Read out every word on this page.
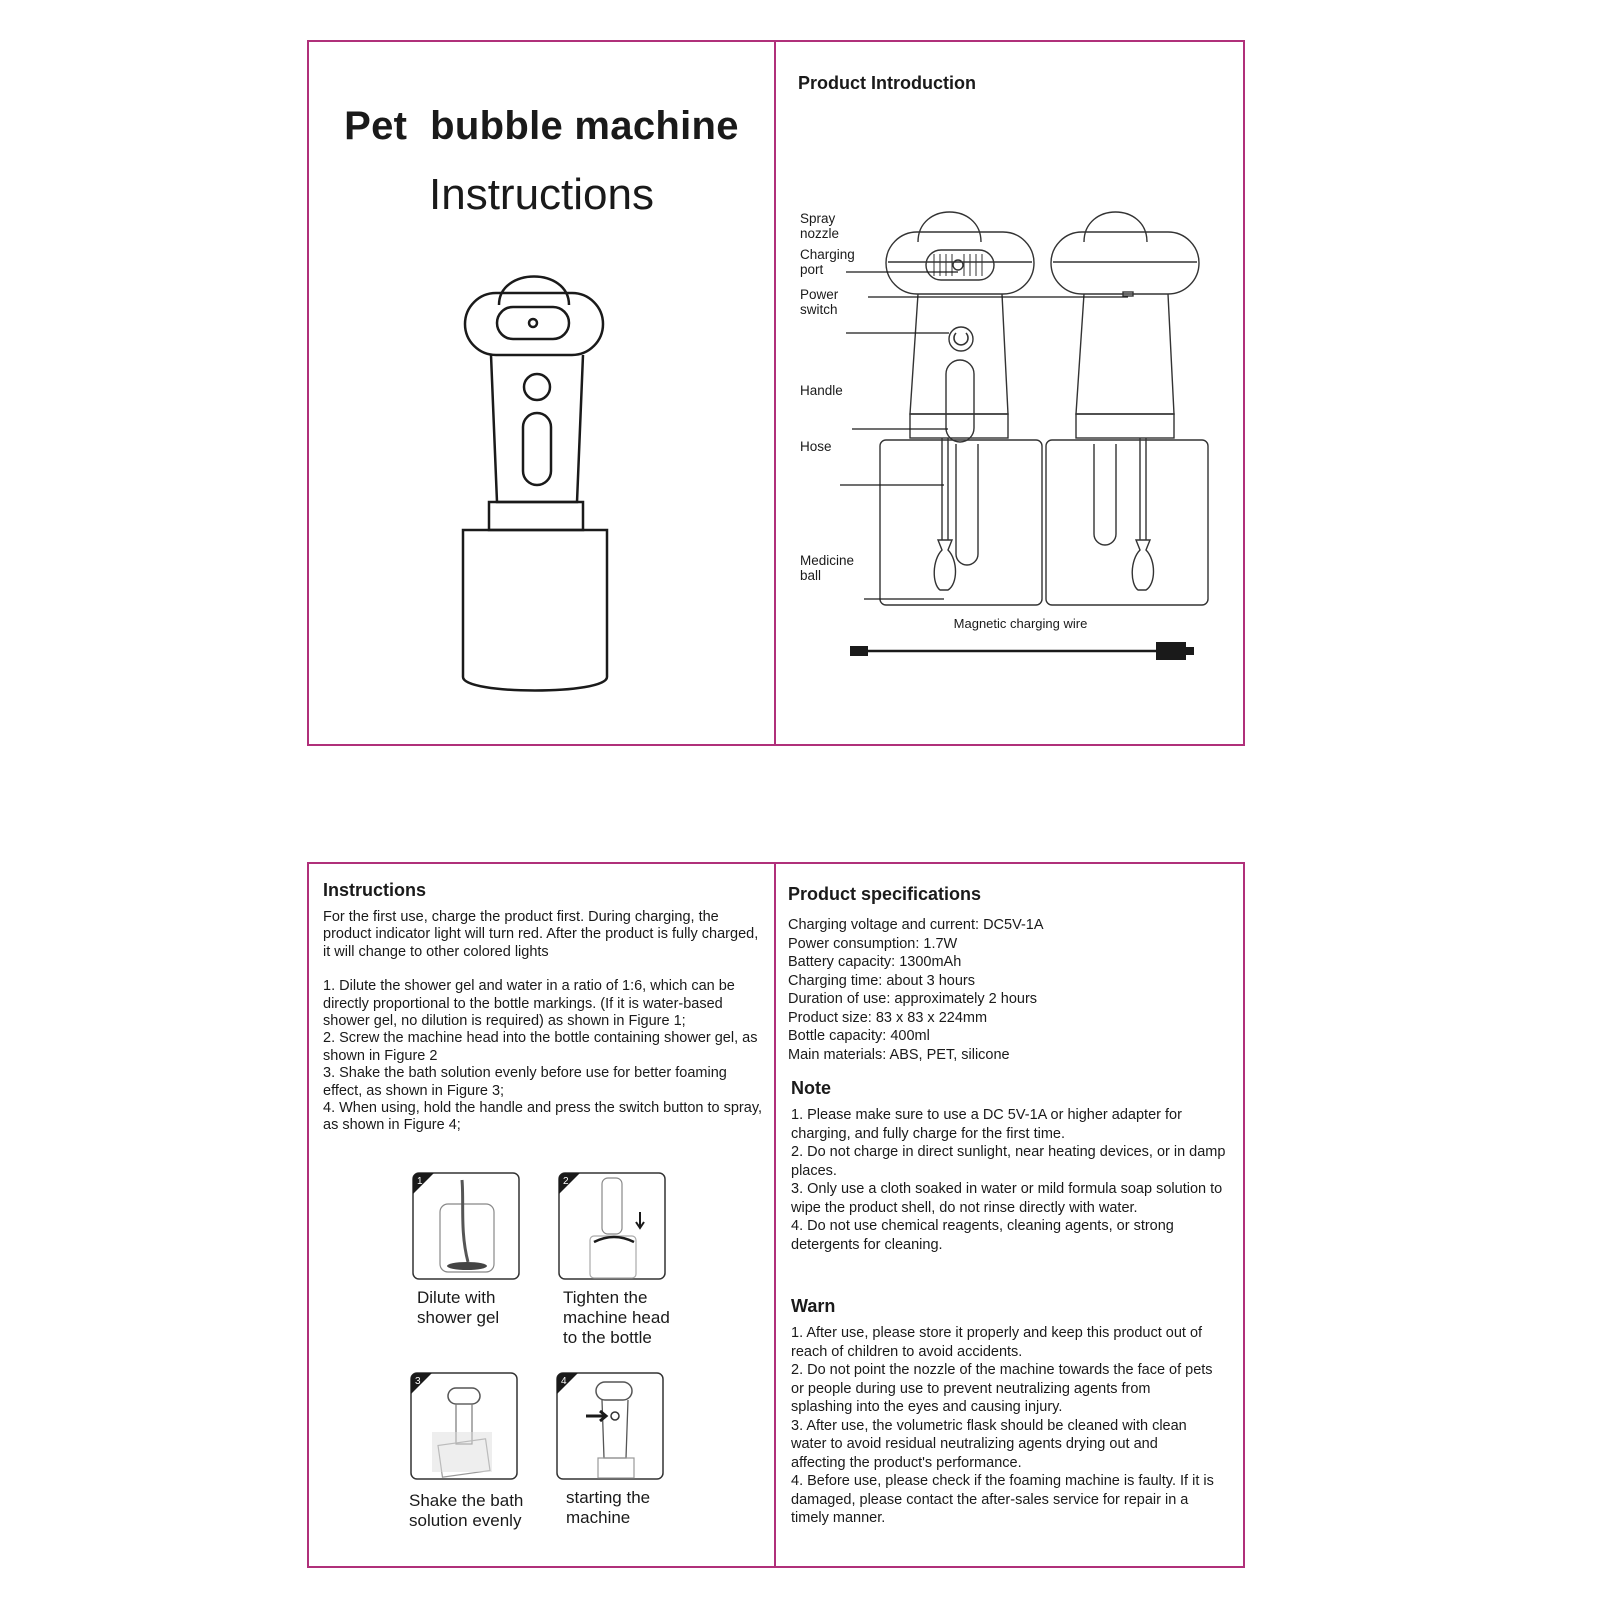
Pet  bubble machine
Instructions
Product Introduction
Spray
nozzle
Charging
port
Power
switch
Handle
Hose
Medicine
ball
Magnetic charging wire
Instructions

For the first use, charge the product first. During charging, the product indicator light will turn red. After the product is fully charged, it will change to other colored lights

1. Dilute the shower gel and water in a ratio of 1:6, which can be directly proportional to the bottle markings. (If it is water-based shower gel, no dilution is required) as shown in Figure 1;

2. Screw the machine head into the bottle containing shower gel, as shown in Figure 2

3. Shake the bath solution evenly before use for better foaming effect, as shown in Figure 3;

4. When using, hold the handle and press the switch button to spray, as shown in Figure 4;

1
Dilute with
shower gel
2
Tighten the
machine head
to the bottle
3
Shake the bath
solution evenly
4
starting the
machine
Product specifications

Charging voltage and current: DC5V-1A

Power consumption: 1.7W

Battery capacity: 1300mAh

Charging time: about 3 hours

Duration of use: approximately 2 hours

Product size: 83 x 83 x 224mm

Bottle capacity: 400ml

Main materials: ABS, PET, silicone

Note

1. Please make sure to use a DC 5V-1A or higher adapter for charging, and fully charge for the first time.

2. Do not charge in direct sunlight, near heating devices, or in damp places.

3. Only use a cloth soaked in water or mild formula soap solution to wipe the product shell, do not rinse directly with water.

4. Do not use chemical reagents, cleaning agents, or strong detergents for cleaning.

Warn

1. After use, please store it properly and keep this product out of reach of children to avoid accidents.

2. Do not point the nozzle of the machine towards the face of pets or people during use to prevent neutralizing agents from splashing into the eyes and causing injury.

3. After use, the volumetric flask should be cleaned with clean water to avoid residual neutralizing agents drying out and affecting the product's performance.

4. Before use, please check if the foaming machine is faulty. If it is damaged, please contact the after-sales service for repair in a timely manner.
